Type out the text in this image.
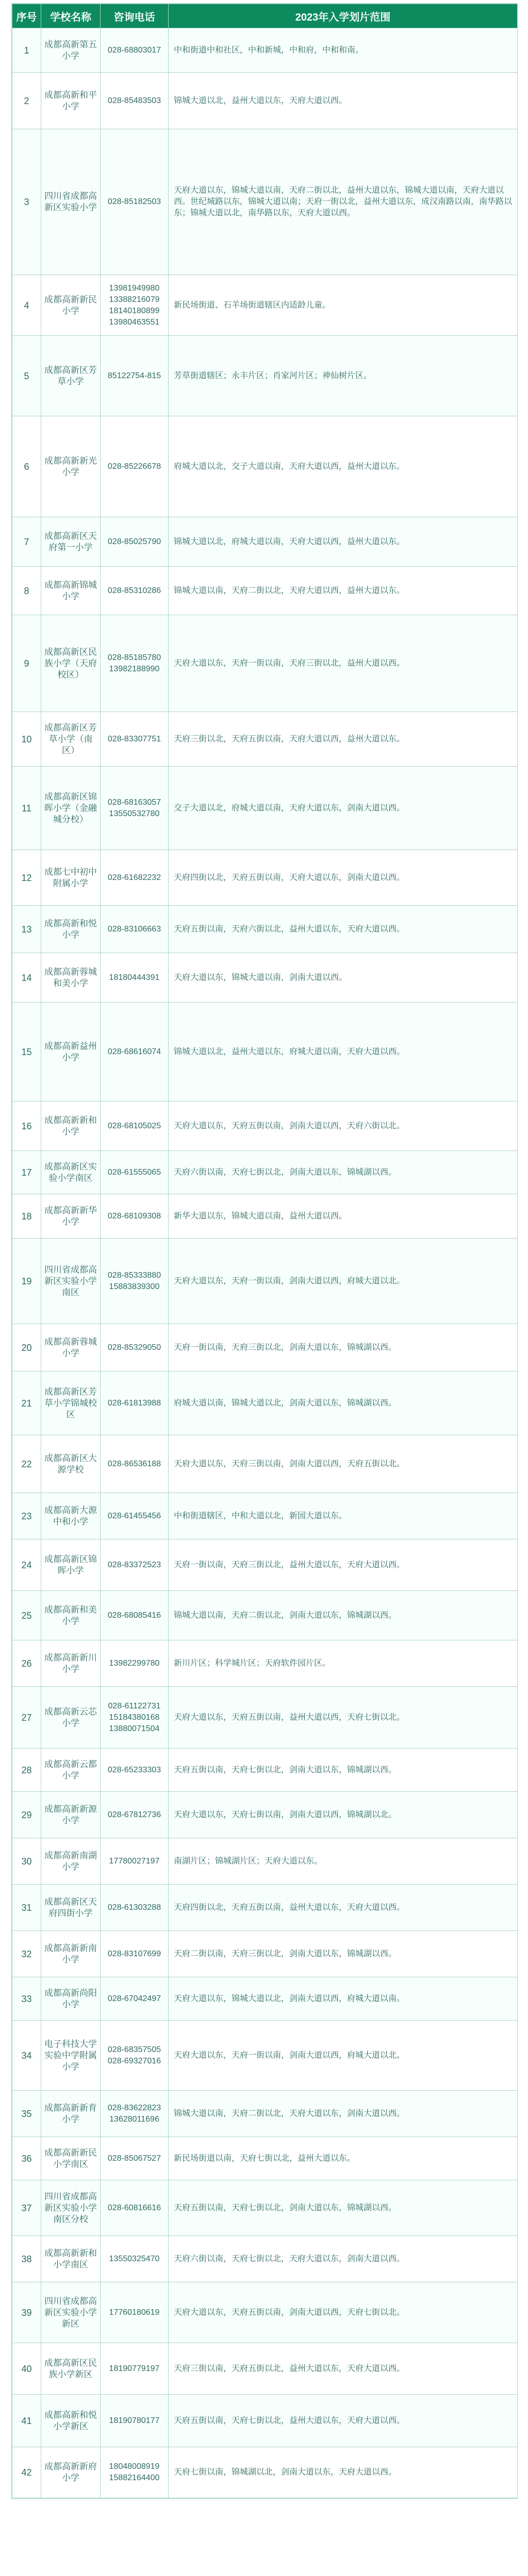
序号	学校名称	咨询电话	2023年入学划片范围
1	成都高新第五小学	028-68803017	中和街道中和社区，中和新城，中和府，中和和南。
2	成都高新和平小学	028-85483503	锦城大道以北，益州大道以东，天府大道以西。
3	四川省成都高新区实验小学	028-85182503	天府大道以东，锦城大道以南，天府二街以北，益州大道以东，锦城大道以南，天府大道以西。世纪城路以东，锦城大道以南；天府一街以北，益州大道以东，成汉南路以南，南华路以东；锦城大道以北，南华路以东，天府大道以西。
4	成都高新新民小学	13981949980
13388216079
18140180899
13980463551	新民场街道、石羊场街道辖区内适龄儿童。
5	成都高新区芳草小学	85122754-815	芳草街道辖区；永丰片区；肖家河片区；神仙树片区。
6	成都高新新光小学	028-85226678	府城大道以北，交子大道以南，天府大道以西，益州大道以东。
7	成都高新区天府第一小学	028-85025790	锦城大道以北，府城大道以南，天府大道以西，益州大道以东。
8	成都高新锦城小学	028-85310286	锦城大道以南，天府二街以北，天府大道以西，益州大道以东。
9	成都高新区民族小学（天府校区）	028-85185780
13982188990	天府大道以东，天府一街以南，天府三街以北，益州大道以西。
10	成都高新区芳草小学（南区）	028-83307751	天府三街以北，天府五街以南，天府大道以西，益州大道以东。
11	成都高新区锦晖小学（金融城分校）	028-68163057
13550532780	交子大道以北，府城大道以南，天府大道以东，剑南大道以西。
12	成都七中初中附属小学	028-61682232	天府四街以北，天府五街以南，天府大道以东，剑南大道以西。
13	成都高新和悦小学	028-83106663	天府五街以南，天府六街以北，益州大道以东，天府大道以西。
14	成都高新蓉城和美小学	18180444391	天府大道以东，锦城大道以南，剑南大道以西。
15	成都高新益州小学	028-68616074	锦城大道以北，益州大道以东，府城大道以南，天府大道以西。
16	成都高新新和小学	028-68105025	天府大道以东，天府五街以南，剑南大道以西，天府六街以北。
17	成都高新区实验小学南区	028-61555065	天府六街以南，天府七街以北，剑南大道以东，锦城湖以西。
18	成都高新新华小学	028-68109308	新华大道以东，锦城大道以南，益州大道以西。
19	四川省成都高新区实验小学南区	028-85333880
15883839300	天府大道以东，天府一街以南，剑南大道以西，府城大道以北。
20	成都高新蓉城小学	028-85329050	天府一街以南，天府三街以北，剑南大道以东，锦城湖以西。
21	成都高新区芳草小学锦城校区	028-61813988	府城大道以南，锦城大道以北，剑南大道以东，锦城湖以西。
22	成都高新区大源学校	028-86536188	天府大道以东，天府三街以南，剑南大道以西，天府五街以北。
23	成都高新大源中和小学	028-61455456	中和街道辖区，中和大道以北，新园大道以东。
24	成都高新区锦晖小学	028-83372523	天府一街以南，天府三街以北，益州大道以东，天府大道以西。
25	成都高新和美小学	028-68085416	锦城大道以南，天府二街以北，剑南大道以东，锦城湖以西。
26	成都高新新川小学	13982299780	新川片区；科学城片区；天府软件园片区。
27	成都高新云芯小学	028-61122731
15184380168
13880071504	天府大道以东，天府五街以南，益州大道以西，天府七街以北。
28	成都高新云都小学	028-65233303	天府五街以南，天府七街以北，剑南大道以东，锦城湖以西。
29	成都高新新源小学	028-67812736	天府大道以东，天府七街以南，剑南大道以西，锦城湖以北。
30	成都高新南湖小学	17780027197	南湖片区；锦城湖片区；天府大道以东。
31	成都高新区天府四街小学	028-61303288	天府四街以北，天府五街以南，益州大道以东，天府大道以西。
32	成都高新新南小学	028-83107699	天府二街以南，天府三街以北，剑南大道以东，锦城湖以西。
33	成都高新尚阳小学	028-67042497	天府大道以东，锦城大道以北，剑南大道以西，府城大道以南。
34	电子科技大学实验中学附属小学	028-68357505
028-69327016	天府大道以东，天府一街以南，剑南大道以西，府城大道以北。
35	成都高新新育小学	028-83622823
13628011696	锦城大道以南，天府二街以北，天府大道以东，剑南大道以西。
36	成都高新新民小学南区	028-85067527	新民场街道以南，天府七街以北，益州大道以东。
37	四川省成都高新区实验小学南区分校	028-60816616	天府五街以南，天府七街以北，剑南大道以东，锦城湖以西。
38	成都高新新和小学南区	13550325470	天府六街以南，天府七街以北，天府大道以东，剑南大道以西。
39	四川省成都高新区实验小学新区	17760180619	天府大道以东，天府五街以南，剑南大道以西，天府七街以北。
40	成都高新区民族小学新区	18190779197	天府三街以南，天府五街以北，益州大道以东，天府大道以西。
41	成都高新和悦小学新区	18190780177	天府五街以南，天府七街以北，益州大道以东，天府大道以西。
42	成都高新新府小学	18048008919
15882164400	天府七街以南，锦城湖以北，剑南大道以东，天府大道以西。
